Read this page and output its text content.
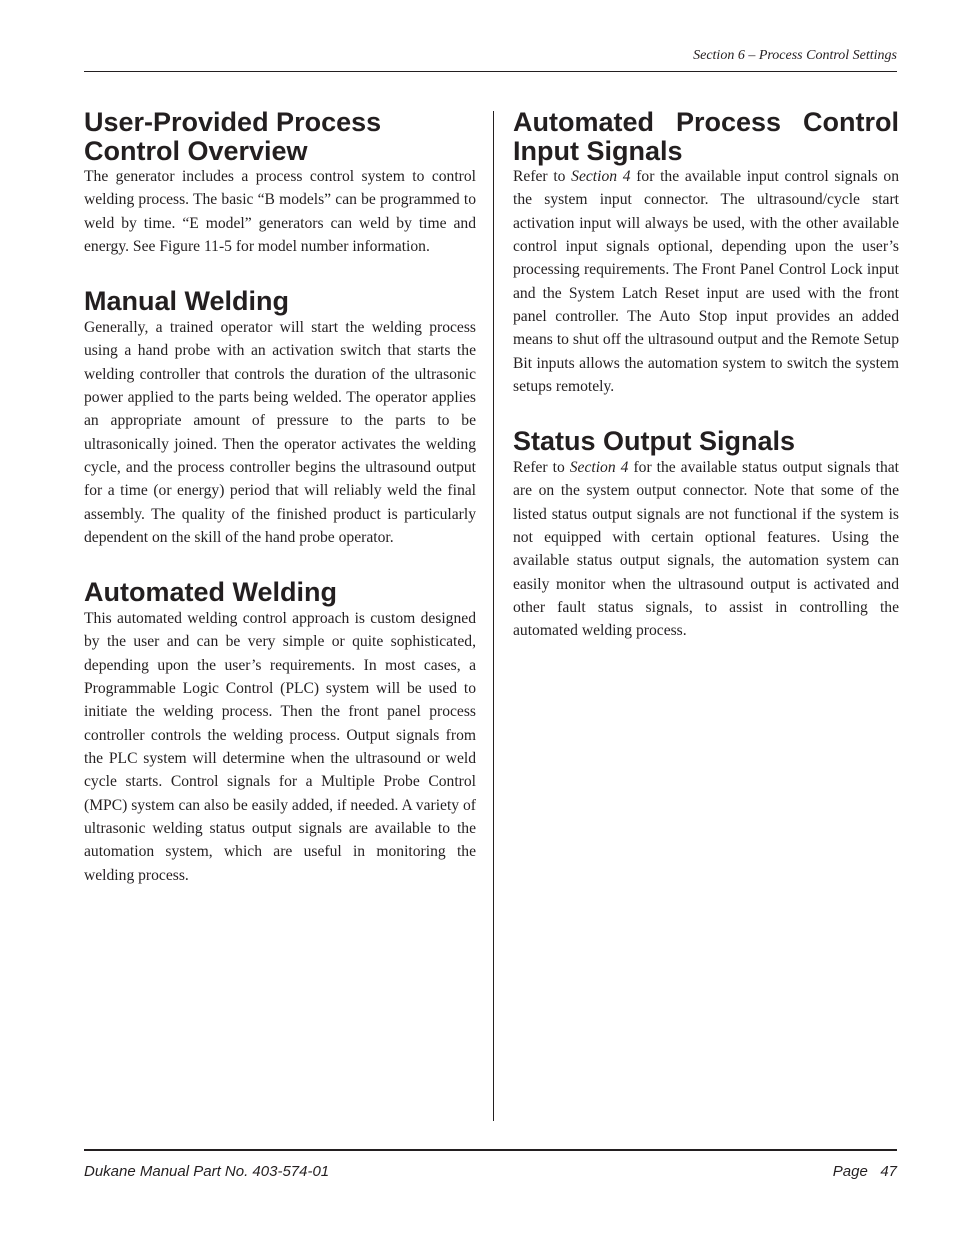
Section 6 – Process Control Settings
User-Provided Process
Control Overview

The generator includes a process control system to control welding process. The basic “B models” can be programmed to weld by time. “E model” generators can weld by time and energy. See Figure 11-5 for model number information.

Manual Welding

Generally, a trained operator will start the welding process using a hand probe with an activation switch that starts the welding controller that controls the duration of the ultrasonic power applied to the parts being welded. The operator applies an appropriate amount of pressure to the parts to be ultrasonically joined. Then the operator activates the welding cycle, and the process controller begins the ultrasound output for a time (or energy) period that will reliably weld the final assembly. The quality of the finished product is particularly dependent on the skill of the hand probe operator.

Automated Welding

This automated welding control approach is custom designed by the user and can be very simple or quite sophisticated, depending upon the user’s requirements. In most cases, a Programmable Logic Control (PLC) system will be used to initiate the welding process. Then the front panel process controller controls the welding process. Output signals from the PLC system will determine when the ultrasound or weld cycle starts. Control signals for a Multiple Probe Control (MPC) system can also be easily added, if needed. A variety of ultrasonic welding status output signals are available to the automation system, which are useful in monitoring the welding process.

Automated Process Control
Input Signals

Refer to Section 4 for the available input control signals on the system input connector. The ultrasound/cycle start activation input will always be used, with the other available control input signals optional, depending upon the user’s processing requirements. The Front Panel Control Lock input and the System Latch Reset input are used with the front panel controller. The Auto Stop input provides an added means to shut off the ultrasound output and the Remote Setup Bit inputs allows the automation system to switch the system setups remotely.

Status Output Signals

Refer to Section 4 for the available status output signals that are on the system output connector. Note that some of the listed status output signals are not functional if the system is not equipped with certain optional features. Using the available status output signals, the automation system can easily monitor when the ultrasound output is activated and other fault status signals, to assist in controlling the automated welding process.

Dukane Manual Part No. 403-574-01	Page 47
